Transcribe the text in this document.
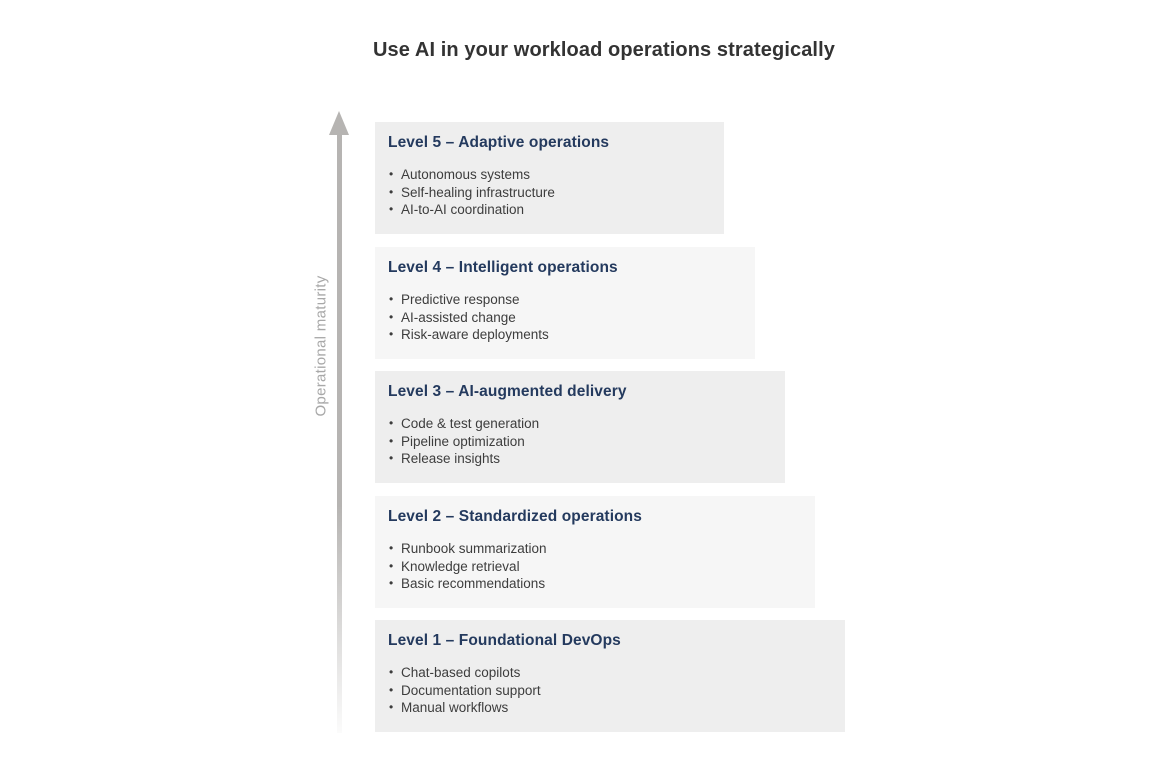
Use AI in your workload operations strategically
Operational maturity
Level 5 – Adaptive operations
• Autonomous systems
• Self-healing infrastructure
• AI-to-AI coordination
Level 4 – Intelligent operations
• Predictive response
• AI-assisted change
• Risk-aware deployments
Level 3 – AI-augmented delivery
• Code & test generation
• Pipeline optimization
• Release insights
Level 2 – Standardized operations
• Runbook summarization
• Knowledge retrieval
• Basic recommendations
Level 1 – Foundational DevOps
• Chat-based copilots
• Documentation support
• Manual workflows
